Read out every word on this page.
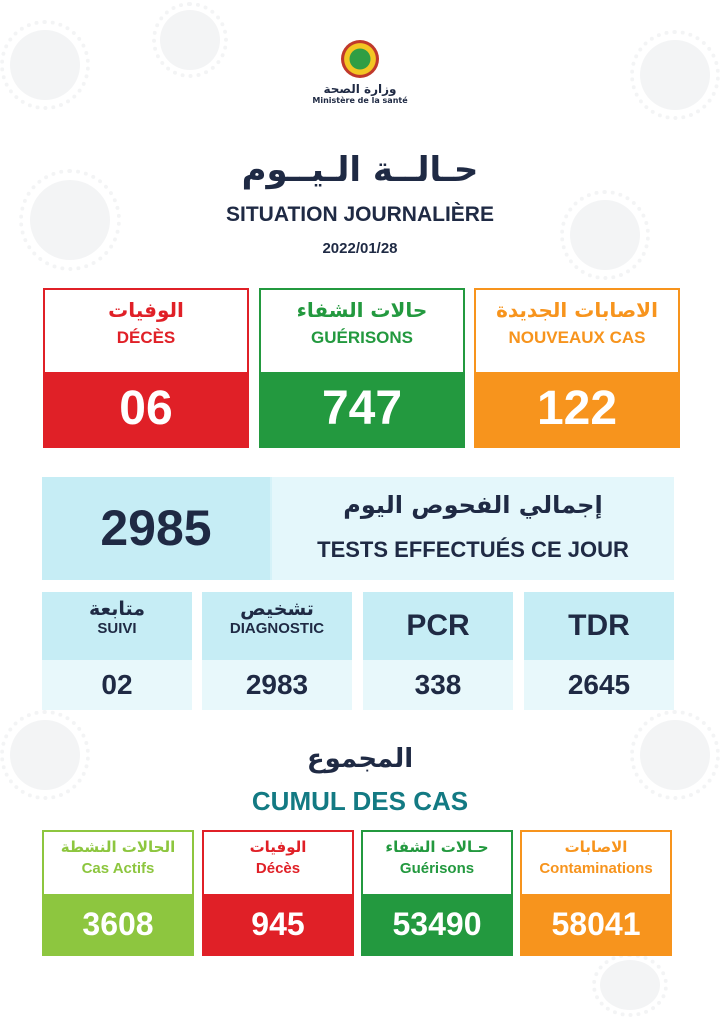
وزارة الصحة
Ministère de la santé
حـالــة الـيــوم
SITUATION JOURNALIÈRE
2022/01/28
الوفيات
DÉCÈS
06
حالات الشفاء
GUÉRISONS
747
الاصابات الجديدة
NOUVEAUX CAS
122
2985	إجمالي الفحوص اليوم
TESTS EFFECTUÉS CE JOUR
متابعة
SUIVI
02
تشخيص
DIAGNOSTIC
2983
PCR
338
TDR
2645
المجموع
CUMUL DES CAS
الحالات النشطة
Cas Actifs
3608
الوفيات
Décès
945
حـالات الشفاء
Guérisons
53490
الاصابات
Contaminations
58041
